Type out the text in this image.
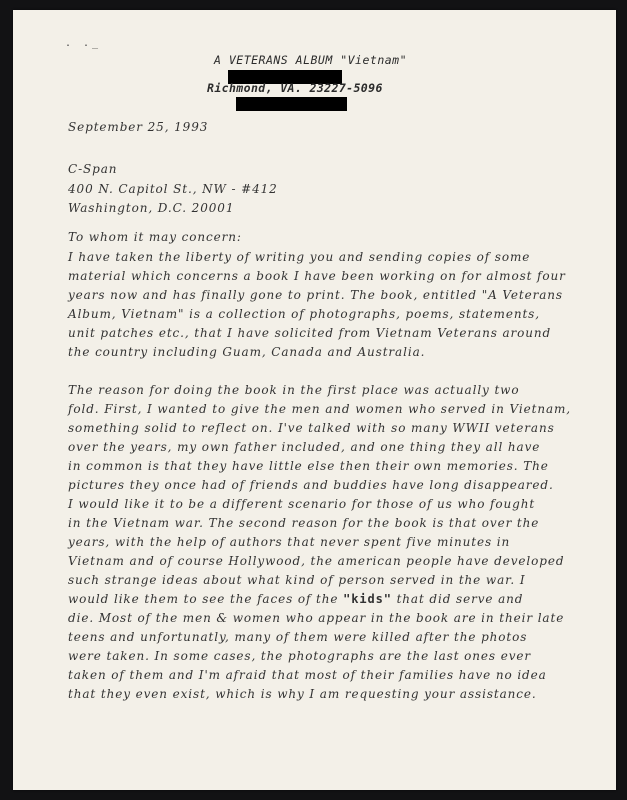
. ._
A VETERANS ALBUM "Vietnam"
Richmond, VA. 23227-5096
September 25, 1993
C-Span
400 N. Capitol St., NW - #412
Washington, D.C. 20001
To whom it may concern:
I have taken the liberty of writing you and sending copies of some
material which concerns a book I have been working on for almost four
years now and has finally gone to print. The book, entitled "A Veterans
Album, Vietnam" is a collection of photographs, poems, statements,
unit patches etc., that I have solicited from Vietnam Veterans around
the country including Guam, Canada and Australia.
The reason for doing the book in the first place was actually two
fold. First, I wanted to give the men and women who served in Vietnam,
something solid to reflect on. I've talked with so many WWII veterans
over the years, my own father included, and one thing they all have
in common is that they have little else then their own memories. The
pictures they once had of friends and buddies have long disappeared.
I would like it to be a different scenario for those of us who fought
in the Vietnam war. The second reason for the book is that over the
years, with the help of authors that never spent five minutes in
Vietnam and of course Hollywood, the american people have developed
such strange ideas about what kind of person served in the war. I
would like them to see the faces of the "kids" that did serve and
die. Most of the men & women who appear in the book are in their late
teens and unfortunatly, many of them were killed after the photos
were taken. In some cases, the photographs are the last ones ever
taken of them and I'm afraid that most of their families have no idea
that they even exist, which is why I am requesting your assistance.
